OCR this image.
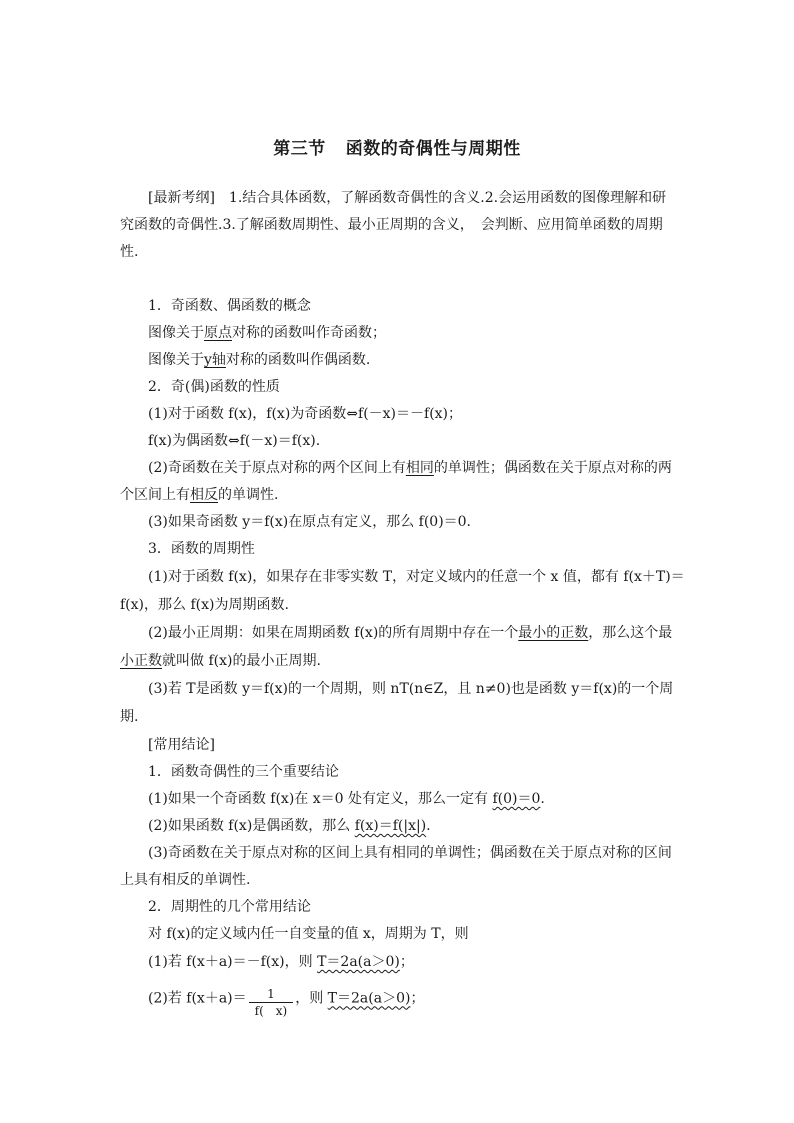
第三节 函数的奇偶性与周期性
[最新考纲]　1.结合具体函数，了解函数奇偶性的含义.2.会运用函数的图像理解和研
究函数的奇偶性.3.了解函数周期性、最小正周期的含义，　会判断、应用简单函数的周期
性.
1．奇函数、偶函数的概念
图像关于原点对称的函数叫作奇函数；
图像关于y轴对称的函数叫作偶函数.
2．奇(偶)函数的性质
(1)对于函数 f(x)，f(x)为奇函数⇔f(－x)＝－f(x)；
f(x)为偶函数⇔f(－x)＝f(x).
(2)奇函数在关于原点对称的两个区间上有相同的单调性；偶函数在关于原点对称的两
个区间上有相反的单调性.
(3)如果奇函数 y＝f(x)在原点有定义，那么 f(0)＝0.
3．函数的周期性
(1)对于函数 f(x)，如果存在非零实数 T，对定义域内的任意一个 x 值，都有 f(x＋T)＝
f(x)，那么 f(x)为周期函数.
(2)最小正周期：如果在周期函数 f(x)的所有周期中存在一个最小的正数，那么这个最
小正数就叫做 f(x)的最小正周期.
(3)若 T是函数 y＝f(x)的一个周期，则 nT(n∈Z，且 n≠0)也是函数 y＝f(x)的一个周
期.
[常用结论]
1．函数奇偶性的三个重要结论
(1)如果一个奇函数 f(x)在 x＝0 处有定义，那么一定有 f(0)＝0.
(2)如果函数 f(x)是偶函数，那么 f(x)＝f(|x|).
(3)奇函数在关于原点对称的区间上具有相同的单调性；偶函数在关于原点对称的区间
上具有相反的单调性.
2．周期性的几个常用结论
对 f(x)的定义域内任一自变量的值 x，周期为 T，则
(1)若 f(x＋a)＝－f(x)，则 T＝2a(a＞0)；
(2)若 $f(x+a)= \frac{1}{f( x)}$ ，则 T＝2a(a＞0)；
